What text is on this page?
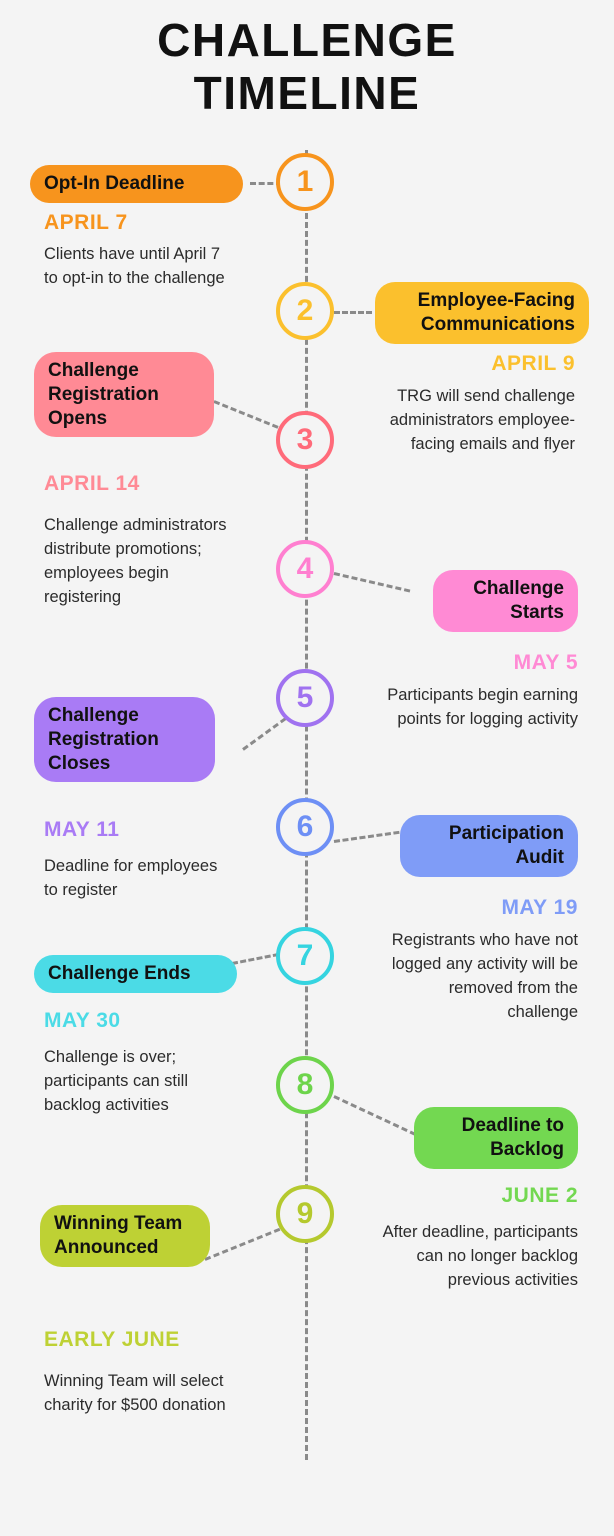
CHALLENGE
TIMELINE
1
Opt-In Deadline
APRIL 7
Clients have until April 7 to opt-in to the challenge
2	Employee-Facing Communications
APRIL 9
TRG will send challenge administrators employee-facing emails and flyer
3
Challenge Registration Opens
APRIL 14
Challenge administrators distribute promotions; employees begin registering
4
Challenge Starts
MAY 5
Participants begin earning points for logging activity
5
Challenge Registration Closes
MAY 11
Deadline for employees to register
6	Participation Audit
MAY 19
Registrants who have not logged any activity will be removed from the challenge
7
Challenge Ends
MAY 30
Challenge is over; participants can still backlog activities
8
Deadline to Backlog
JUNE 2
After deadline, participants can no longer backlog previous activities
9
Winning Team Announced
EARLY JUNE
Winning Team will select charity for $500 donation
